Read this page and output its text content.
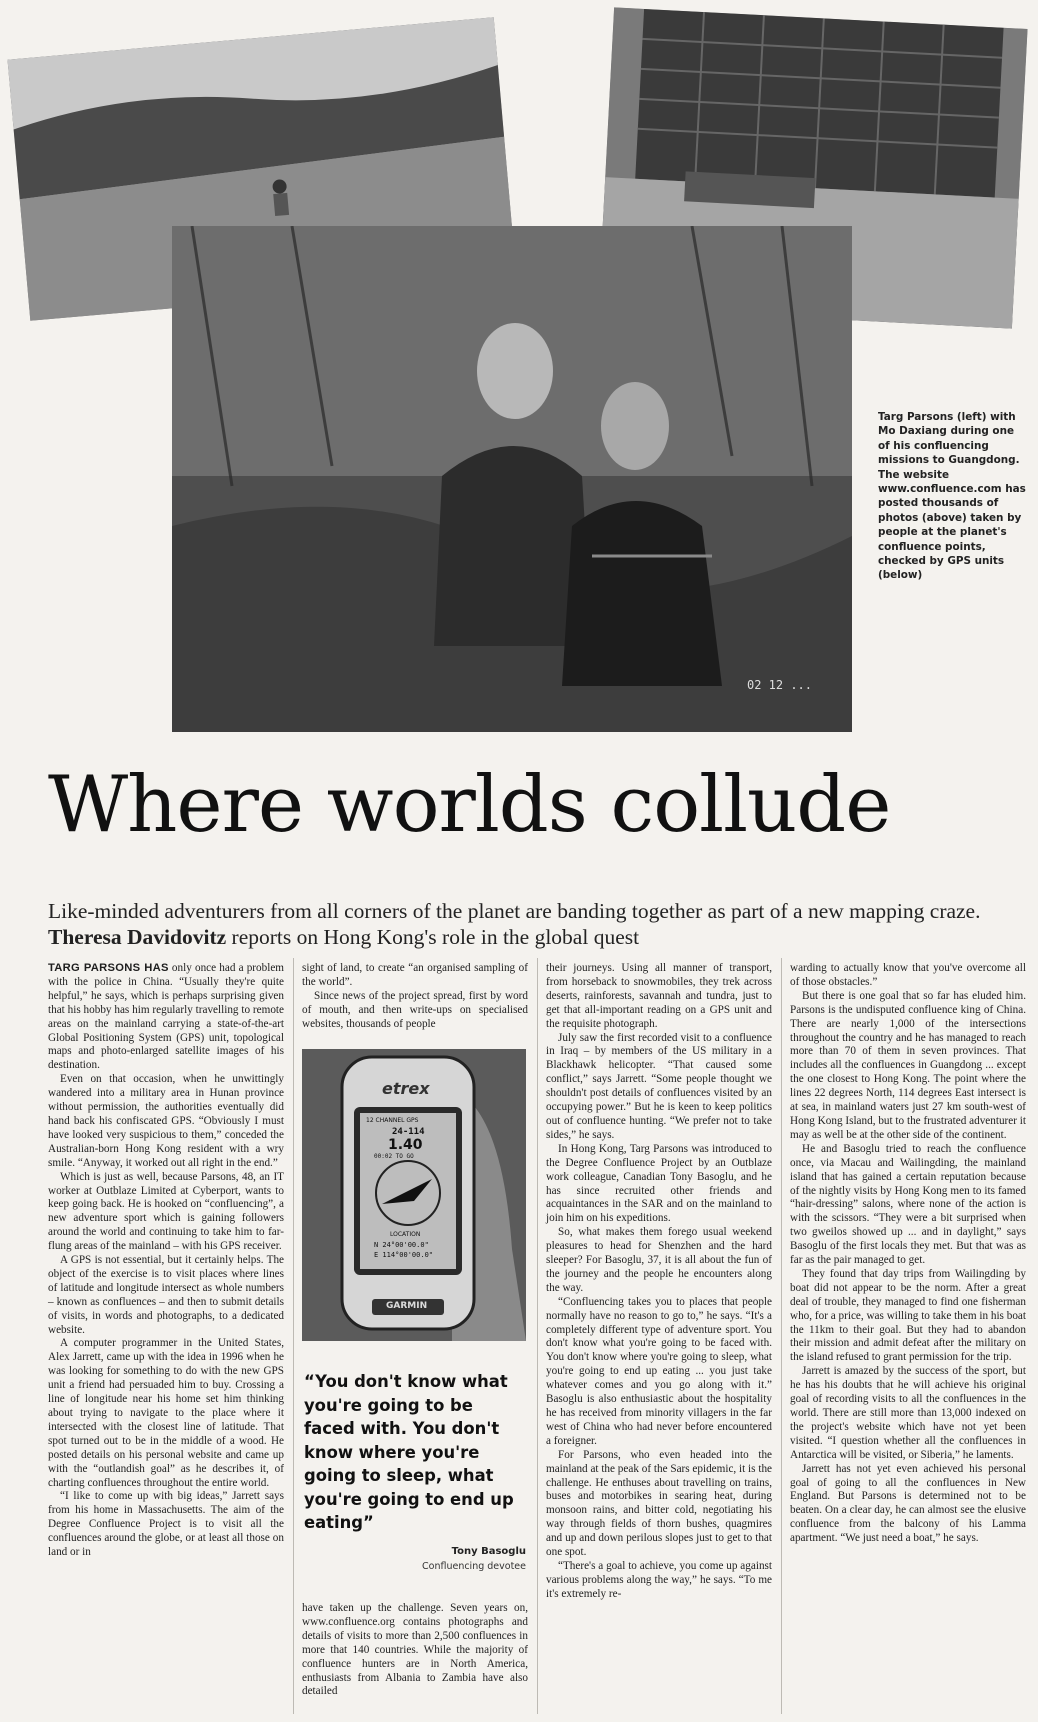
02 12 ...
Targ Parsons (left) with Mo Daxiang during one of his confluencing missions to Guangdong. The website www.confluence.com has posted thousands of photos (above) taken by people at the planet's confluence points, checked by GPS units (below)
Where worlds collude
Like-minded adventurers from all corners of the planet are banding together as part of a new mapping craze. Theresa Davidovitz reports on Hong Kong's role in the global quest

TARG PARSONS HAS only once had a problem with the police in China. “Usually they're quite helpful,” he says, which is perhaps surprising given that his hobby has him regularly travelling to remote areas on the mainland carrying a state-of-the-art Global Positioning System (GPS) unit, topological maps and photo-enlarged satellite images of his destination.

Even on that occasion, when he unwittingly wandered into a military area in Hunan province without permission, the authorities eventually did hand back his confiscated GPS. “Obviously I must have looked very suspicious to them,” conceded the Australian-born Hong Kong resident with a wry smile. “Anyway, it worked out all right in the end.”

Which is just as well, because Parsons, 48, an IT worker at Outblaze Limited at Cyberport, wants to keep going back. He is hooked on “confluencing”, a new adventure sport which is gaining followers around the world and continuing to take him to far-flung areas of the mainland – with his GPS receiver.

A GPS is not essential, but it certainly helps. The object of the exercise is to visit places where lines of latitude and longitude intersect as whole numbers – known as confluences – and then to submit details of visits, in words and photographs, to a dedicated website.

A computer programmer in the United States, Alex Jarrett, came up with the idea in 1996 when he was looking for something to do with the new GPS unit a friend had persuaded him to buy. Crossing a line of longitude near his home set him thinking about trying to navigate to the place where it intersected with the closest line of latitude. That spot turned out to be in the middle of a wood. He posted details on his personal website and came up with the “outlandish goal” as he describes it, of charting confluences throughout the entire world.

“I like to come up with big ideas,” Jarrett says from his home in Massachusetts. The aim of the Degree Confluence Project is to visit all the confluences around the globe, or at least all those on land or in

sight of land, to create “an organised sampling of the world”.

Since news of the project spread, first by word of mouth, and then write-ups on specialised websites, thousands of people

etrex
12 CHANNEL GPS
24-114
1.40
00:02 TO GO
LOCATION
N 24°00'00.0"
E 114°00'00.0"
GARMIN
“You don't know what you're going to be faced with. You don't know where you're going to sleep, what you're going to end up eating”
Tony Basoglu
Confluencing devotee

have taken up the challenge. Seven years on, www.confluence.org contains photographs and details of visits to more than 2,500 confluences in more that 140 countries. While the majority of confluence hunters are in North America, enthusiasts from Albania to Zambia have also detailed

their journeys. Using all manner of transport, from horseback to snowmobiles, they trek across deserts, rainforests, savannah and tundra, just to get that all-important reading on a GPS unit and the requisite photograph.

July saw the first recorded visit to a confluence in Iraq – by members of the US military in a Blackhawk helicopter. “That caused some conflict,” says Jarrett. “Some people thought we shouldn't post details of confluences visited by an occupying power.” But he is keen to keep politics out of confluence hunting. “We prefer not to take sides,” he says.

In Hong Kong, Targ Parsons was introduced to the Degree Confluence Project by an Outblaze work colleague, Canadian Tony Basoglu, and he has since recruited other friends and acquaintances in the SAR and on the mainland to join him on his expeditions.

So, what makes them forego usual weekend pleasures to head for Shenzhen and the hard sleeper? For Basoglu, 37, it is all about the fun of the journey and the people he encounters along the way.

“Confluencing takes you to places that people normally have no reason to go to,” he says. “It's a completely different type of adventure sport. You don't know what you're going to be faced with. You don't know where you're going to sleep, what you're going to end up eating ... you just take whatever comes and you go along with it.” Basoglu is also enthusiastic about the hospitality he has received from minority villagers in the far west of China who had never before encountered a foreigner.

For Parsons, who even headed into the mainland at the peak of the Sars epidemic, it is the challenge. He enthuses about travelling on trains, buses and motorbikes in searing heat, during monsoon rains, and bitter cold, negotiating his way through fields of thorn bushes, quagmires and up and down perilous slopes just to get to that one spot.

“There's a goal to achieve, you come up against various problems along the way,” he says. “To me it's extremely re-

warding to actually know that you've overcome all of those obstacles.”

But there is one goal that so far has eluded him. Parsons is the undisputed confluence king of China. There are nearly 1,000 of the intersections throughout the country and he has managed to reach more than 70 of them in seven provinces. That includes all the confluences in Guangdong ... except the one closest to Hong Kong. The point where the lines 22 degrees North, 114 degrees East intersect is at sea, in mainland waters just 27 km south-west of Hong Kong Island, but to the frustrated adventurer it may as well be at the other side of the continent.

He and Basoglu tried to reach the confluence once, via Macau and Wailingding, the mainland island that has gained a certain reputation because of the nightly visits by Hong Kong men to its famed “hair-dressing” salons, where none of the action is with the scissors. “They were a bit surprised when two gweilos showed up ... and in daylight,” says Basoglu of the first locals they met. But that was as far as the pair managed to get.

They found that day trips from Wailingding by boat did not appear to be the norm. After a great deal of trouble, they managed to find one fisherman who, for a price, was willing to take them in his boat the 11km to their goal. But they had to abandon their mission and admit defeat after the military on the island refused to grant permission for the trip.

Jarrett is amazed by the success of the sport, but he has his doubts that he will achieve his original goal of recording visits to all the confluences in the world. There are still more than 13,000 indexed on the project's website which have not yet been visited. “I question whether all the confluences in Antarctica will be visited, or Siberia,” he laments.

Jarrett has not yet even achieved his personal goal of going to all the confluences in New England. But Parsons is determined not to be beaten. On a clear day, he can almost see the elusive confluence from the balcony of his Lamma apartment. “We just need a boat,” he says.
